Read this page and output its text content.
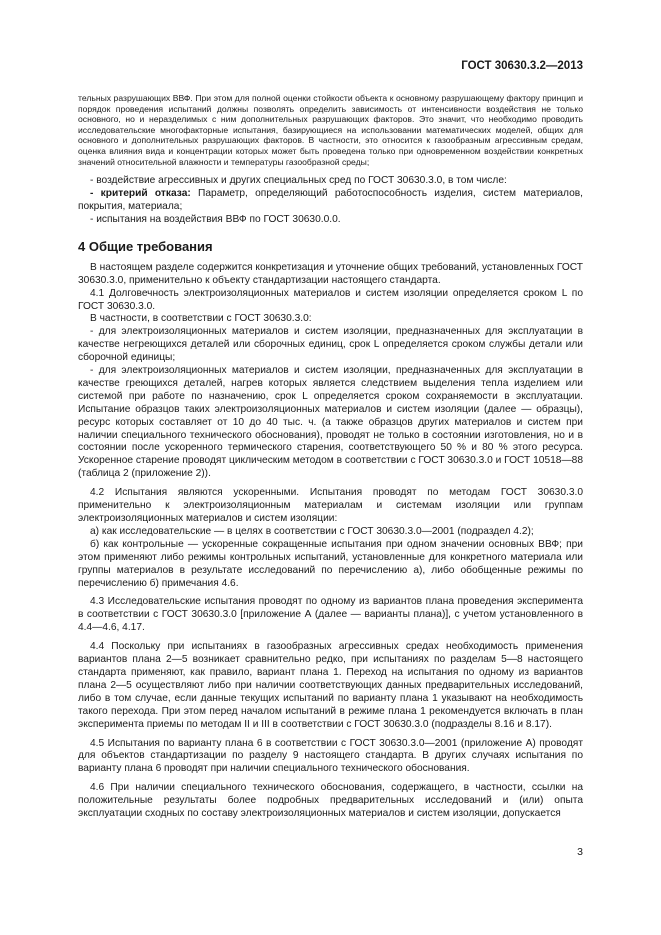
ГОСТ 30630.3.2—2013

тельных разрушающих ВВФ. При этом для полной оценки стойкости объекта к основному разрушающему фактору принцип и порядок проведения испытаний должны позволять определить зависимость от интенсивности воздействия не только основного, но и неразделимых с ним дополнительных разрушающих факторов. Это значит, что необходимо проводить исследовательские многофакторные испытания, базирующиеся на использовании математических моделей, общих для основного и дополнительных разрушающих факторов. В частности, это относится к газообразным агрессивным средам, оценка влияния вида и концентрации которых может быть проведена только при одновременном воздействии конкретных значений относительной влажности и температуры газообразной среды;

- воздействие агрессивных и других специальных сред по ГОСТ 30630.3.0, в том числе:

- критерий отказа: Параметр, определяющий работоспособность изделия, систем материалов, покрытия, материала;

- испытания на воздействия ВВФ по ГОСТ 30630.0.0.

4 Общие требования

В настоящем разделе содержится конкретизация и уточнение общих требований, установленных ГОСТ 30630.3.0, применительно к объекту стандартизации настоящего стандарта.

4.1 Долговечность электроизоляционных материалов и систем изоляции определяется сроком L по ГОСТ 30630.3.0.

В частности, в соответствии с ГОСТ 30630.3.0:

- для электроизоляционных материалов и систем изоляции, предназначенных для эксплуатации в качестве негреющихся деталей или сборочных единиц, срок L определяется сроком службы детали или сборочной единицы;

- для электроизоляционных материалов и систем изоляции, предназначенных для эксплуатации в качестве греющихся деталей, нагрев которых является следствием выделения тепла изделием или системой при работе по назначению, срок L определяется сроком сохраняемости в эксплуатации. Испытание образцов таких электроизоляционных материалов и систем изоляции (далее — образцы), ресурс которых составляет от 10 до 40 тыс. ч. (а также образцов других материалов и систем при наличии специального технического обоснования), проводят не только в состоянии изготовления, но и в состоянии после ускоренного термического старения, соответствующего 50 % и 80 % этого ресурса. Ускоренное старение проводят циклическим методом в соответствии с ГОСТ 30630.3.0 и ГОСТ 10518—88 (таблица 2 (приложение 2)).

4.2 Испытания являются ускоренными. Испытания проводят по методам ГОСТ 30630.3.0 применительно к электроизоляционным материалам и системам изоляции или группам электроизоляционных материалов и систем изоляции:

а) как исследовательские — в целях в соответствии с ГОСТ 30630.3.0—2001 (подраздел 4.2);

б) как контрольные — ускоренные сокращенные испытания при одном значении основных ВВФ; при этом применяют либо режимы контрольных испытаний, установленные для конкретного материала или группы материалов в результате исследований по перечислению а), либо обобщенные режимы по перечислению б) примечания 4.6.

4.3 Исследовательские испытания проводят по одному из вариантов плана проведения эксперимента в соответствии с ГОСТ 30630.3.0 [приложение А (далее — варианты плана)], с учетом установленного в 4.4—4.6, 4.17.

4.4 Поскольку при испытаниях в газообразных агрессивных средах необходимость применения вариантов плана 2—5 возникает сравнительно редко, при испытаниях по разделам 5—8 настоящего стандарта применяют, как правило, вариант плана 1. Переход на испытания по одному из вариантов плана 2—5 осуществляют либо при наличии соответствующих данных предварительных исследований, либо в том случае, если данные текущих испытаний по варианту плана 1 указывают на необходимость такого перехода. При этом перед началом испытаний в режиме плана 1 рекомендуется включать в план эксперимента приемы по методам II и III в соответствии с ГОСТ 30630.3.0 (подразделы 8.16 и 8.17).

4.5 Испытания по варианту плана 6 в соответствии с ГОСТ 30630.3.0—2001 (приложение А) проводят для объектов стандартизации по разделу 9 настоящего стандарта. В других случаях испытания по варианту плана 6 проводят при наличии специального технического обоснования.

4.6 При наличии специального технического обоснования, содержащего, в частности, ссылки на положительные результаты более подробных предварительных исследований и (или) опыта эксплуатации сходных по составу электроизоляционных материалов и систем изоляции, допускается

3
